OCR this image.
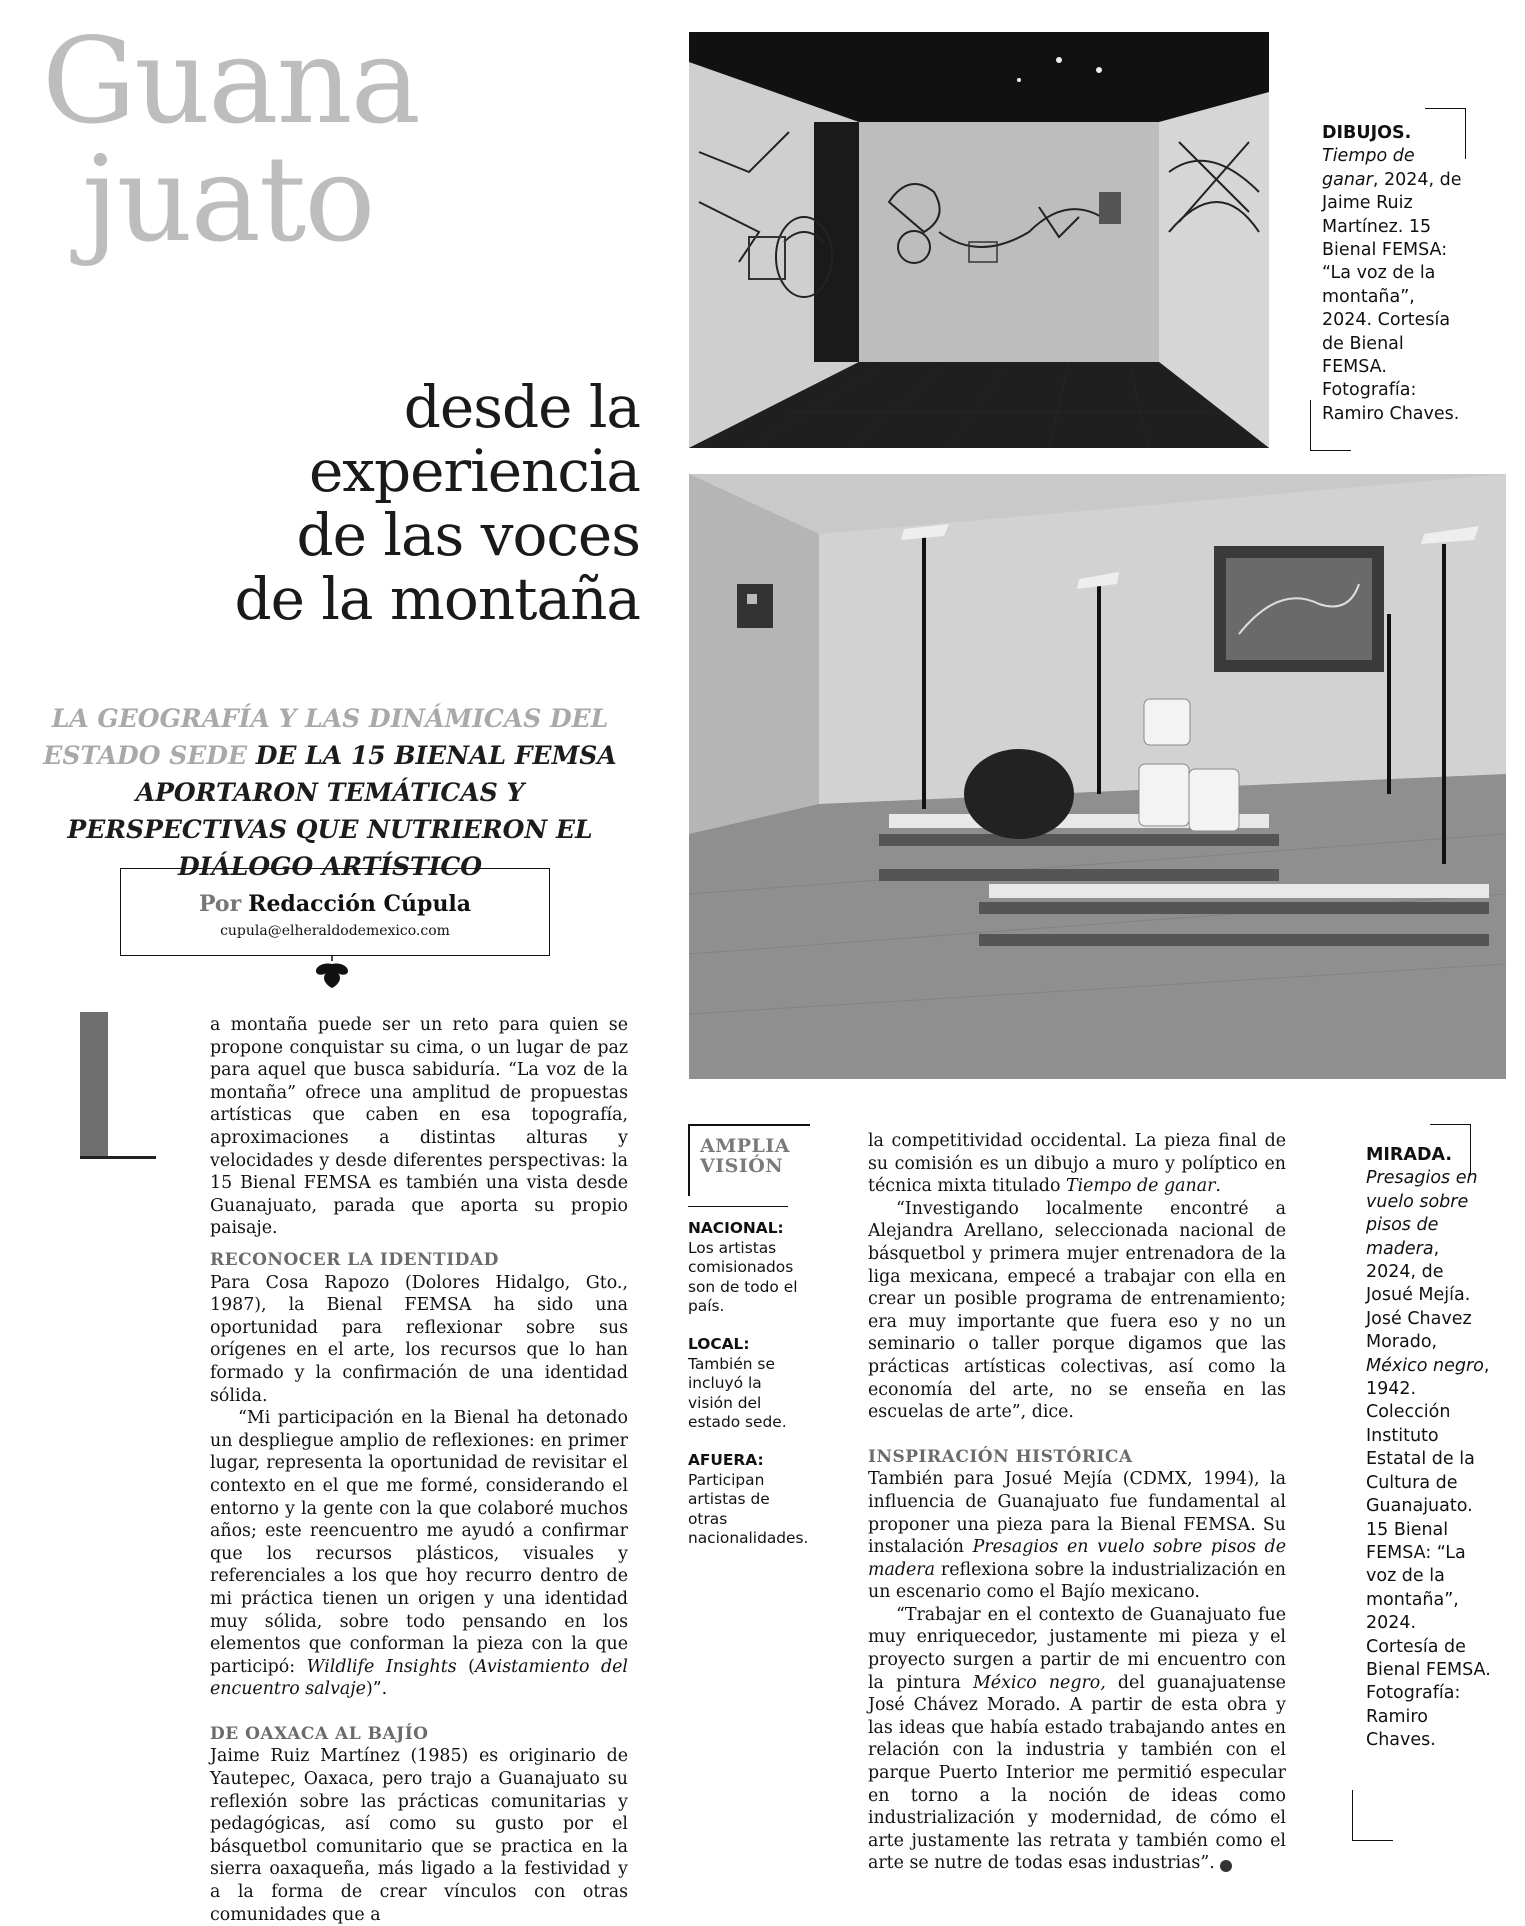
Guana
juato
desde la
experiencia
de las voces
de la montaña
LA GEOGRAFÍA Y LAS DINÁMICAS DEL ESTADO SEDE DE LA 15 BIENAL FEMSA APORTARON TEMÁTICAS Y PERSPECTIVAS QUE NUTRIERON EL DIÁLOGO ARTÍSTICO
Por Redacción Cúpula
cupula@elheraldodemexico.com

a montaña puede ser un reto para quien se propone conquistar su cima, o un lugar de paz para aquel que busca sabiduría. “La voz de la montaña” ofrece una amplitud de propuestas artísticas que caben en esa topografía, aproximaciones a distintas alturas y velocidades y desde diferentes perspectivas: la 15 Bienal FEMSA es también una vista desde Guanajuato, parada que aporta su propio paisaje.

RECONOCER LA IDENTIDAD

Para Cosa Rapozo (Dolores Hidalgo, Gto., 1987), la Bienal FEMSA ha sido una oportunidad para reflexionar sobre sus orígenes en el arte, los recursos que lo han formado y la confirmación de una identidad sólida.

“Mi participación en la Bienal ha detonado un despliegue amplio de reflexiones: en primer lugar, representa la oportunidad de revisitar el contexto en el que me formé, considerando el entorno y la gente con la que colaboré muchos años; este reencuentro me ayudó a confirmar que los recursos plásticos, visuales y referenciales a los que hoy recurro dentro de mi práctica tienen un origen y una identidad muy sólida, sobre todo pensando en los elementos que conforman la pieza con la que participó: Wildlife Insights (Avistamiento del encuentro salvaje)”.

DE OAXACA AL BAJÍO

Jaime Ruiz Martínez (1985) es originario de Yautepec, Oaxaca, pero trajo a Guanajuato su reflexión sobre las prácticas comunitarias y pedagógicas, así como su gusto por el básquetbol comunitario que se practica en la sierra oaxaqueña, más ligado a la festividad y a la forma de crear vínculos con otras comunidades que a

la competitividad occidental. La pieza final de su comisión es un dibujo a muro y políptico en técnica mixta titulado Tiempo de ganar.

“Investigando localmente encontré a Alejandra Arellano, seleccionada nacional de básquetbol y primera mujer entrenadora de la liga mexicana, empecé a trabajar con ella en crear un posible programa de entrenamiento; era muy importante que fuera eso y no un seminario o taller porque digamos que las prácticas artísticas colectivas, así como la economía del arte, no se enseña en las escuelas de arte”, dice.

INSPIRACIÓN HISTÓRICA

También para Josué Mejía (CDMX, 1994), la influencia de Guanajuato fue fundamental al proponer una pieza para la Bienal FEMSA. Su instalación Presagios en vuelo sobre pisos de madera reflexiona sobre la industrialización en un escenario como el Bajío mexicano.

“Trabajar en el contexto de Guanajuato fue muy enriquecedor, justamente mi pieza y el proyecto surgen a partir de mi encuentro con la pintura México negro, del guanajuatense José Chávez Morado. A partir de esta obra y las ideas que había estado trabajando antes en relación con la industria y también con el parque Puerto Interior me permitió especular en torno a la noción de ideas como industrialización y modernidad, de cómo el arte justamente las retrata y también como el arte se nutre de todas esas industrias”.	H

DIBUJOS.
Tiempo de ganar, 2024, de Jaime Ruiz Martínez. 15 Bienal FEMSA: “La voz de la montaña”, 2024. Cortesía de Bienal FEMSA. Fotografía: Ramiro Chaves.
AMPLIA
VISIÓN
NACIONAL:
Los artistas comisionados son de todo el país.
LOCAL:
También se incluyó la visión del estado sede.
AFUERA:
Participan artistas de otras nacionalidades.
MIRADA.
Presagios en vuelo sobre pisos de madera, 2024, de Josué Mejía. José Chavez Morado, México negro, 1942. Colección Instituto Estatal de la Cultura de Guanajuato. 15 Bienal FEMSA: “La voz de la montaña”, 2024. Cortesía de Bienal FEMSA. Fotografía: Ramiro Chaves.
